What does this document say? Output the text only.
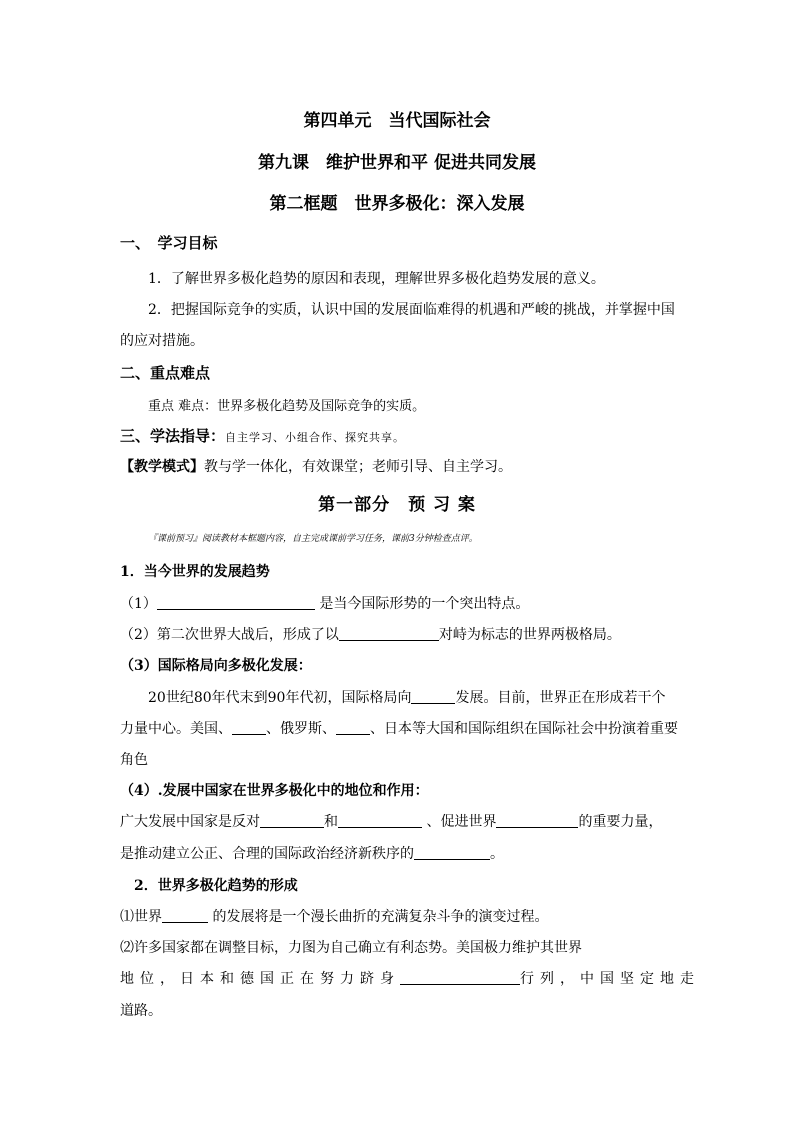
第四单元　当代国际社会
第九课　维护世界和平 促进共同发展
第二框题　世界多极化：深入发展
一、　学习目标
1．了解世界多极化趋势的原因和表现，理解世界多极化趋势发展的意义。
2．把握国际竞争的实质，认识中国的发展面临难得的机遇和严峻的挑战，并掌握中国
的应对措施。
二、重点难点
重点 难点：世界多极化趋势及国际竞争的实质。
三、学法指导：自主学习、小组合作、探究共享。
【教学模式】教与学一体化，有效课堂；老师引导、自主学习。
第一部分　预 习 案
『课前预习』阅读教材本框题内容，自主完成课前学习任务，课前3分钟检查点评。
1．当今世界的发展趋势
（1）	是当今国际形势的一个突出特点。
（2）第二次世界大战后，形成了以	对峙为标志的世界两极格局。
（3）国际格局向多极化发展：
20世纪80年代末到90年代初，国际格局向	发展。目前，世界正在形成若干个
力量中心。美国、 、俄罗斯、 、日本等大国和国际组织在国际社会中扮演着重要
角色
（4）.发展中国家在世界多极化中的地位和作用：
广大发展中国家是反对	和	、促进世界	的重要力量，
是推动建立公正、合理的国际政治经济新秩序的	。
2．世界多极化趋势的形成
⑴世界	的发展将是一个漫长曲折的充满复杂斗争的演变过程。
⑵许多国家都在调整目标，力图为自己确立有利态势。美国极力维护其世界
地位，日本和德国正在努力跻身	行列，中国坚定地走
道路。
